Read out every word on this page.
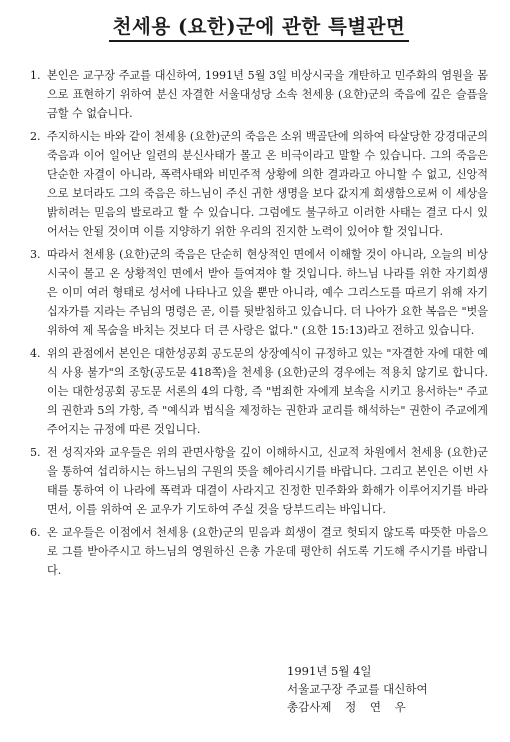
천세용 (요한)군에 관한 특별관면
1. 본인은 교구장 주교를 대신하여, 1991년 5월 3일 비상시국을 개탄하고 민주화의 염원을 몸으로 표현하기 위하여 분신 자결한 서울대성당 소속 천세용 (요한)군의 죽음에 깊은 슬픔을 금할 수 없습니다.
2. 주지하시는 바와 같이 천세용 (요한)군의 죽음은 소위 백골단에 의하여 타살당한 강경대군의 죽음과 이어 일어난 일련의 분신사태가 몰고 온 비극이라고 말할 수 있습니다. 그의 죽음은 단순한 자결이 아니라, 폭력사태와 비민주적 상황에 의한 결과라고 아니할 수 없고, 신앙적으로 보더라도 그의 죽음은 하느님이 주신 귀한 생명을 보다 값지게 희생함으로써 이 세상을 밝히려는 믿음의 발로라고 할 수 있습니다. 그럼에도 불구하고 이러한 사태는 결코 다시 있어서는 안될 것이며 이를 지양하기 위한 우리의 진지한 노력이 있어야 할 것입니다.
3. 따라서 천세용 (요한)군의 죽음은 단순히 현상적인 면에서 이해할 것이 아니라, 오늘의 비상시국이 몰고 온 상황적인 면에서 받아 들여져야 할 것입니다. 하느님 나라를 위한 자기희생은 이미 여러 형태로 성서에 나타나고 있을 뿐만 아니라, 예수 그리스도를 따르기 위해 자기 십자가를 지라는 주님의 명령은 곧, 이를 뒷받침하고 있습니다. 더 나아가 요한 복음은 "벗을 위하여 제 목숨을 바치는 것보다 더 큰 사랑은 없다." (요한 15:13)라고 전하고 있습니다.
4. 위의 관점에서 본인은 대한성공회 공도문의 상장예식이 규정하고 있는 "자결한 자에 대한 예식 사용 불가"의 조항(공도문 418쪽)을 천세용 (요한)군의 경우에는 적용치 않기로 합니다. 이는 대한성공회 공도문 서론의 4의 다항, 즉 "범죄한 자에게 보속을 시키고 용서하는" 주교의 권한과 5의 가항, 즉 "예식과 법식을 제정하는 권한과 교리를 해석하는" 권한이 주교에게 주어지는 규정에 따른 것입니다.
5. 전 성직자와 교우들은 위의 관면사항을 깊이 이해하시고, 신교적 차원에서 천세용 (요한)군을 통하여 섭리하시는 하느님의 구원의 뜻을 헤아리시기를 바랍니다. 그리고 본인은 이번 사태를 통하여 이 나라에 폭력과 대결이 사라지고 진정한 민주화와 화해가 이루어지기를 바라면서, 이를 위하여 온 교우가 기도하여 주실 것을 당부드리는 바입니다.
6. 온 교우들은 이점에서 천세용 (요한)군의 믿음과 희생이 결코 헛되지 않도록 따뜻한 마음으로 그를 받아주시고 하느님의 영원하신 은총 가운데 평안히 쉬도록 기도해 주시기를 바랍니다.
1991년 5월 4일
서울교구장 주교를 대신하여
총감사제 정 연 우
